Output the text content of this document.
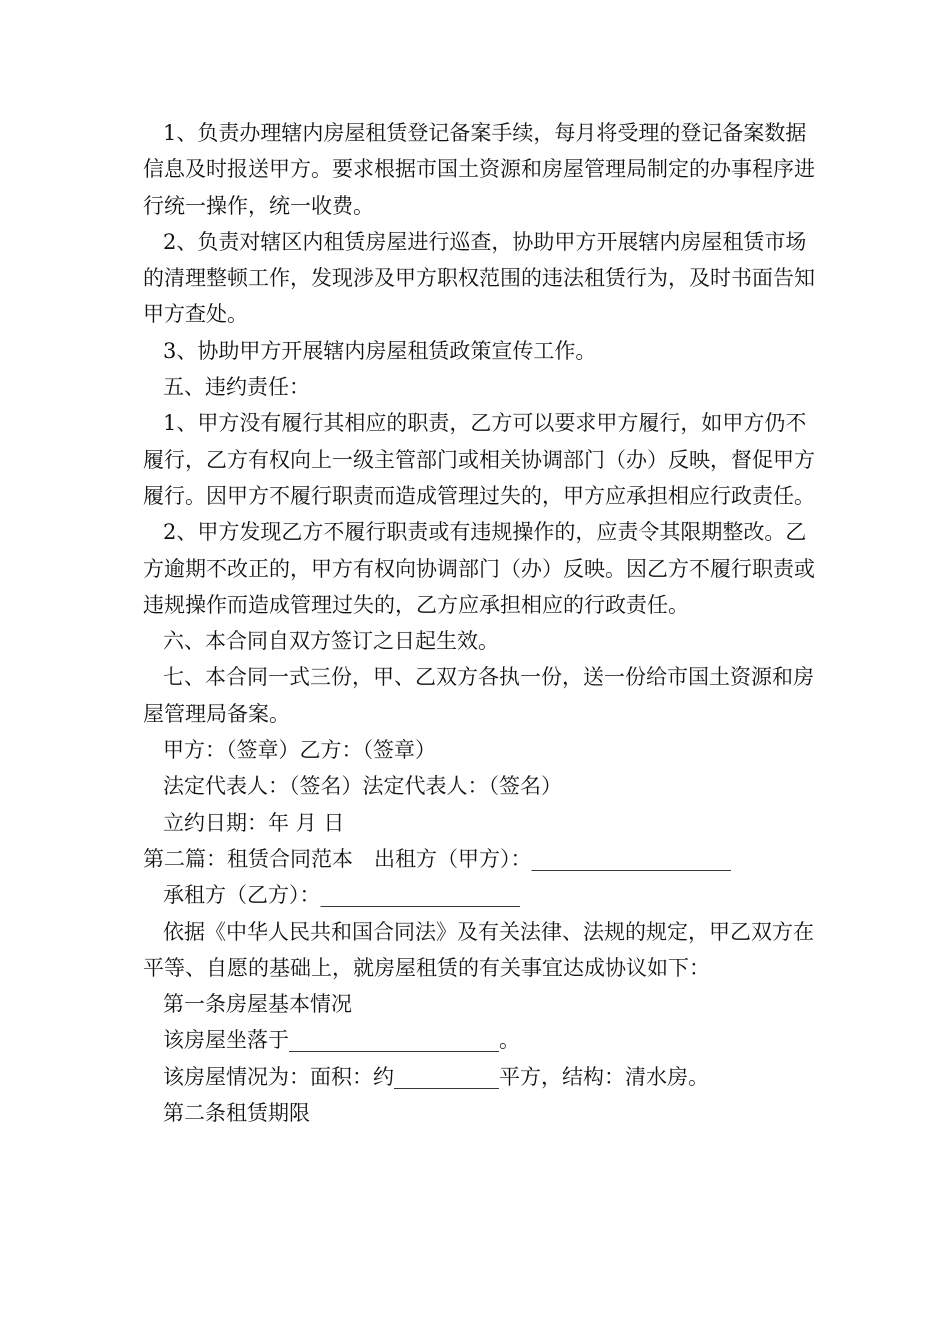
1、负责办理辖内房屋租赁登记备案手续，每月将受理的登记备案数据信息及时报送甲方。要求根据市国土资源和房屋管理局制定的办事程序进行统一操作，统一收费。

2、负责对辖区内租赁房屋进行巡查，协助甲方开展辖内房屋租赁市场的清理整顿工作，发现涉及甲方职权范围的违法租赁行为，及时书面告知甲方查处。

3、协助甲方开展辖内房屋租赁政策宣传工作。

五、违约责任：

1、甲方没有履行其相应的职责，乙方可以要求甲方履行，如甲方仍不履行，乙方有权向上一级主管部门或相关协调部门（办）反映，督促甲方履行。因甲方不履行职责而造成管理过失的，甲方应承担相应行政责任。

2、甲方发现乙方不履行职责或有违规操作的，应责令其限期整改。乙方逾期不改正的，甲方有权向协调部门（办）反映。因乙方不履行职责或违规操作而造成管理过失的，乙方应承担相应的行政责任。

六、本合同自双方签订之日起生效。

七、本合同一式三份，甲、乙双方各执一份，送一份给市国土资源和房屋管理局备案。

甲方：（签章）乙方：（签章）

法定代表人：（签名）法定代表人：（签名）

立约日期：年 月 日

第二篇：租赁合同范本　出租方（甲方）：___________________

承租方（乙方）：___________________

依据《中华人民共和国合同法》及有关法律、法规的规定，甲乙双方在平等、自愿的基础上，就房屋租赁的有关事宜达成协议如下：

第一条房屋基本情况

该房屋坐落于____________________。

该房屋情况为：面积：约__________平方，结构：清水房。

第二条租赁期限
